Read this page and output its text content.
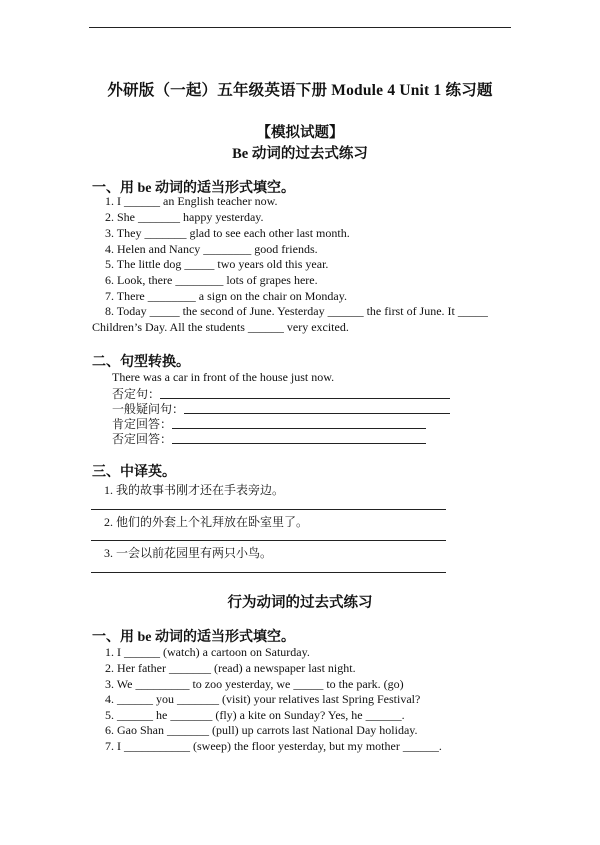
外研版（一起）五年级英语下册 Module 4 Unit 1 练习题
【模拟试题】
Be 动词的过去式练习
一、用 be 动词的适当形式填空。
1. I ______ an English teacher now.
2. She _______ happy yesterday.
3. They _______ glad to see each other last month.
4. Helen and Nancy ________ good friends.
5. The little dog _____ two years old this year.
6. Look, there ________ lots of grapes here.
7. There ________ a sign on the chair on Monday.
8. Today _____ the second of June. Yesterday ______ the first of June. It _____
Children’s Day. All the students ______ very excited.
二、句型转换。
There was a car in front of the house just now.
否定句：
一般疑问句：
肯定回答：
否定回答：
三、中译英。
1. 我的故事书刚才还在手表旁边。
2. 他们的外套上个礼拜放在卧室里了。
3. 一会以前花园里有两只小鸟。
行为动词的过去式练习
一、用 be 动词的适当形式填空。
1. I ______ (watch) a cartoon on Saturday.
2. Her father _______ (read) a newspaper last night.
3. We _________ to zoo yesterday, we _____ to the park. (go)
4. ______ you _______ (visit) your relatives last Spring Festival?
5. ______ he _______ (fly) a kite on Sunday? Yes, he ______.
6. Gao Shan _______ (pull) up carrots last National Day holiday.
7. I ___________ (sweep) the floor yesterday, but my mother ______.
